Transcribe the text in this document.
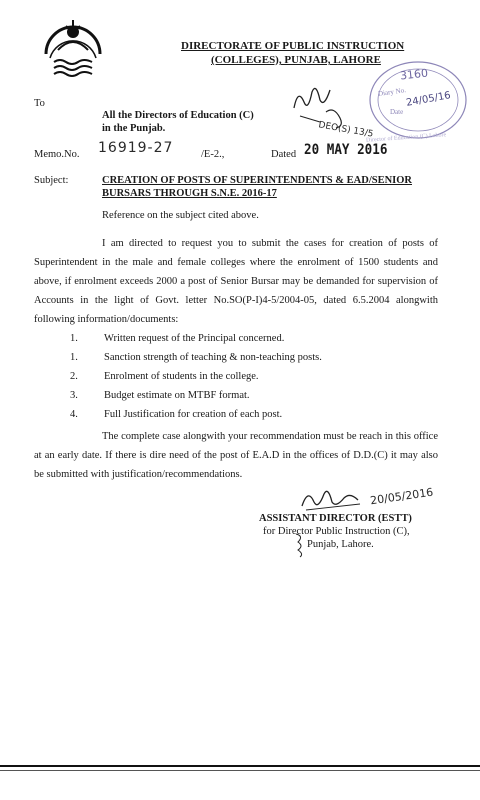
DIRECTORATE OF PUBLIC INSTRUCTION
(COLLEGES), PUNJAB, LAHORE
3160
Diary No. 24/05/16
Date
Director of Education (C) Lahore
DEO(S) 13/5
To
All the Directors of Education (C)
in the Punjab.
Memo.No. 16919-27	/E-2.,	Dated 20 MAY 2016
Subject:	CREATION OF POSTS OF SUPERINTENDENTS & EAD/SENIOR
BURSARS THROUGH S.N.E. 2016-17
Reference on the subject cited above.
I am directed to request you to submit the cases for creation of posts of Superintendent in the male and female colleges where the enrolment of 1500 students and above, if enrolment exceeds 2000 a post of Senior Bursar may be demanded for supervision of Accounts in the light of Govt. letter No.SO(P-I)4-5/2004-05, dated 6.5.2004 alongwith following information/documents:
1. Written request of the Principal concerned.
1. Sanction strength of teaching & non-teaching posts.
2. Enrolment of students in the college.
3. Budget estimate on MTBF format.
4. Full Justification for creation of each post.
The complete case alongwith your recommendation must be reach in this office at an early date. If there is dire need of the post of E.A.D in the offices of D.D.(C) it may also be submitted with justification/recommendations.
20/05/2016
ASSISTANT DIRECTOR (ESTT)
for Director Public Instruction (C),
Punjab, Lahore.
